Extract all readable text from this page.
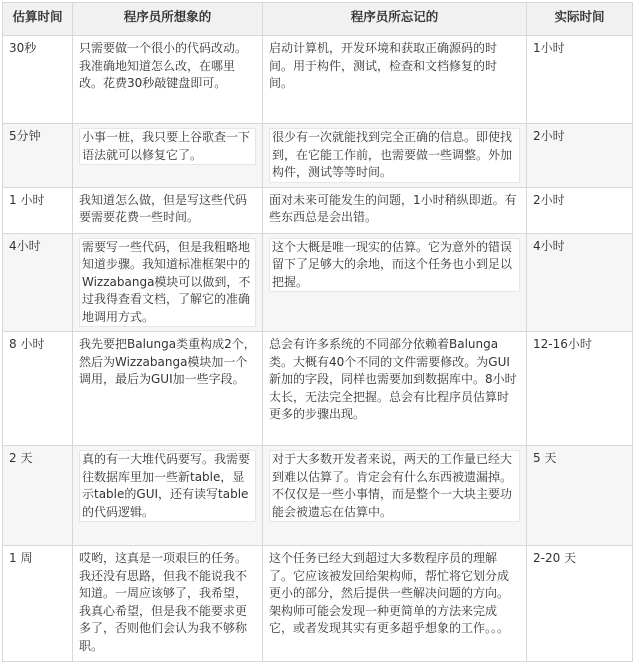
估算时间	程序员所想象的	程序员所忘记的	实际时间
30秒	只需要做一个很小的代码改动。我准确地知道怎么改，在哪里改。花费30秒敲键盘即可。	启动计算机，开发环境和获取正确源码的时间。用于构件，测试，检查和文档修复的时间。	1小时
5分钟	小事一桩，我只要上谷歌查一下语法就可以修复它了。	很少有一次就能找到完全正确的信息。即使找到，在它能工作前，也需要做一些调整。外加构件，测试等等时间。	2小时
1 小时	我知道怎么做，但是写这些代码要需要花费一些时间。	面对未来可能发生的问题，1小时稍纵即逝。有些东西总是会出错。	2小时
4小时	需要写一些代码，但是我粗略地知道步骤。我知道标准框架中的Wizzabanga模块可以做到，不过我得查看文档，了解它的准确地调用方式。	这个大概是唯一现实的估算。它为意外的错误留下了足够大的余地，而这个任务也小到足以把握。	4小时
8 小时	我先要把Balunga类重构成2个，然后为Wizzabanga模块加一个调用，最后为GUI加一些字段。	总会有许多系统的不同部分依赖着Balunga类。大概有40个不同的文件需要修改。为GUI新加的字段，同样也需要加到数据库中。8小时太长，无法完全把握。总会有比程序员估算时更多的步骤出现。	12-16小时
2 天	真的有一大堆代码要写。我需要往数据库里加一些新table，显示table的GUI，还有读写table的代码逻辑。	对于大多数开发者来说，两天的工作量已经大到难以估算了。肯定会有什么东西被遗漏掉。不仅仅是一些小事情，而是整个一大块主要功能会被遗忘在估算中。	5 天
1 周	哎哟，这真是一项艰巨的任务。我还没有思路，但我不能说我不知道。一周应该够了，我希望，我真心希望，但是我不能要求更多了，否则他们会认为我不够称职。	这个任务已经大到超过大多数程序员的理解了。它应该被发回给架构师，帮忙将它划分成更小的部分，然后提供一些解决问题的方向。架构师可能会发现一种更简单的方法来完成它，或者发现其实有更多超乎想象的工作。。。	2-20 天
